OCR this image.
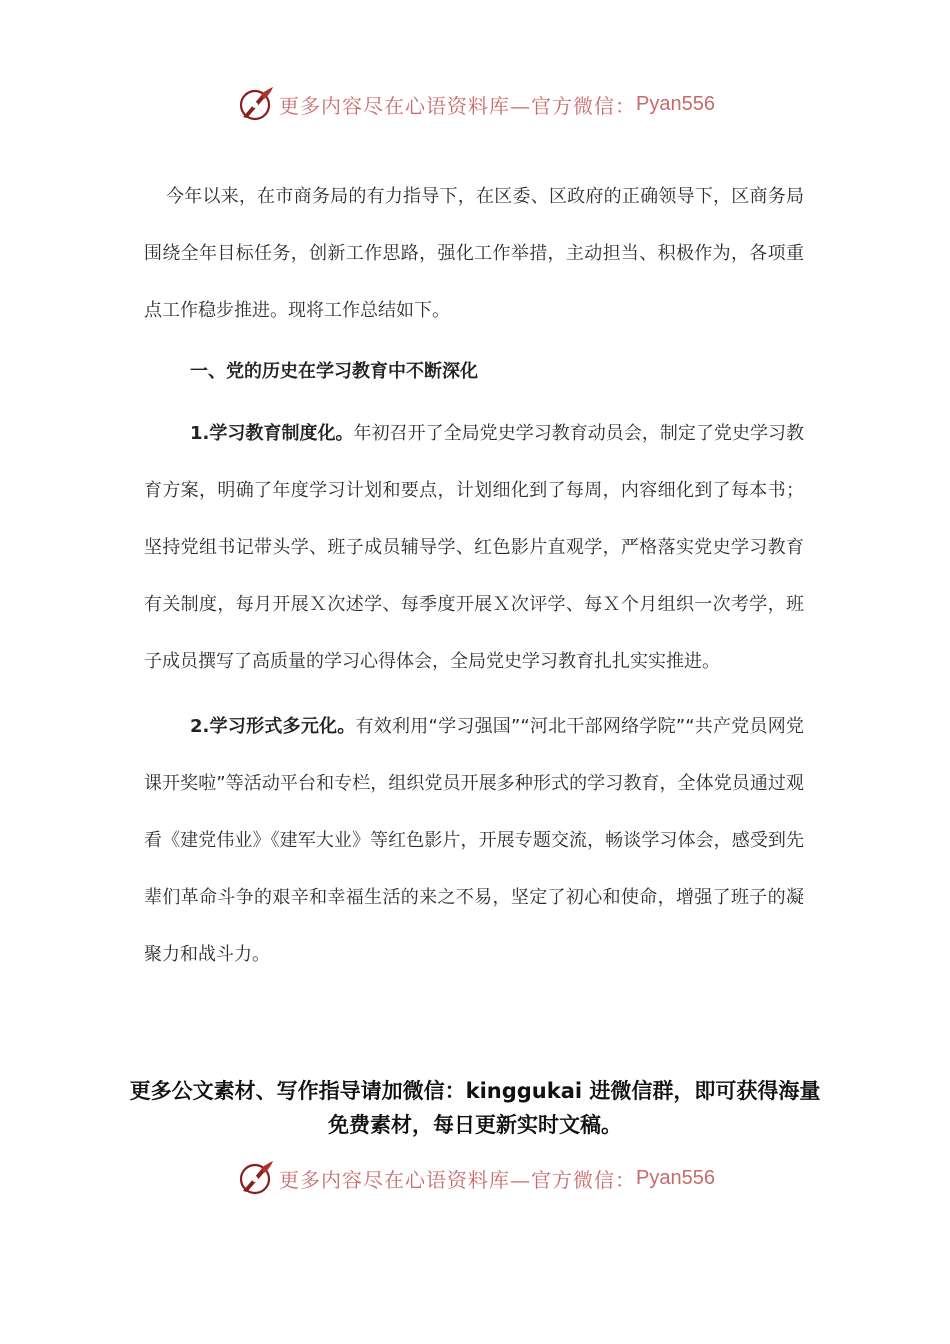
更多内容尽在心语资料库—官方微信： Pyan556

今年以来，在市商务局的有力指导下，在区委、区政府的正确领导下，区商务局围绕全年目标任务，创新工作思路，强化工作举措，主动担当、积极作为，各项重点工作稳步推进。现将工作总结如下。

一、党的历史在学习教育中不断深化

1.学习教育制度化。年初召开了全局党史学习教育动员会，制定了党史学习教育方案，明确了年度学习计划和要点，计划细化到了每周，内容细化到了每本书；坚持党组书记带头学、班子成员辅导学、红色影片直观学，严格落实党史学习教育有关制度，每月开展Ｘ次述学、每季度开展Ｘ次评学、每Ｘ个月组织一次考学，班子成员撰写了高质量的学习心得体会，全局党史学习教育扎扎实实推进。

2.学习形式多元化。有效利用“学习强国”“河北干部网络学院”“共产党员网党课开奖啦”等活动平台和专栏，组织党员开展多种形式的学习教育，全体党员通过观看《建党伟业》《建军大业》等红色影片，开展专题交流，畅谈学习体会，感受到先辈们革命斗争的艰辛和幸福生活的来之不易，坚定了初心和使命，增强了班子的凝聚力和战斗力。

更多公文素材、写作指导请加微信：kinggukai 进微信群，即可获得海量免费素材，每日更新实时文稿。
更多内容尽在心语资料库—官方微信： Pyan556
